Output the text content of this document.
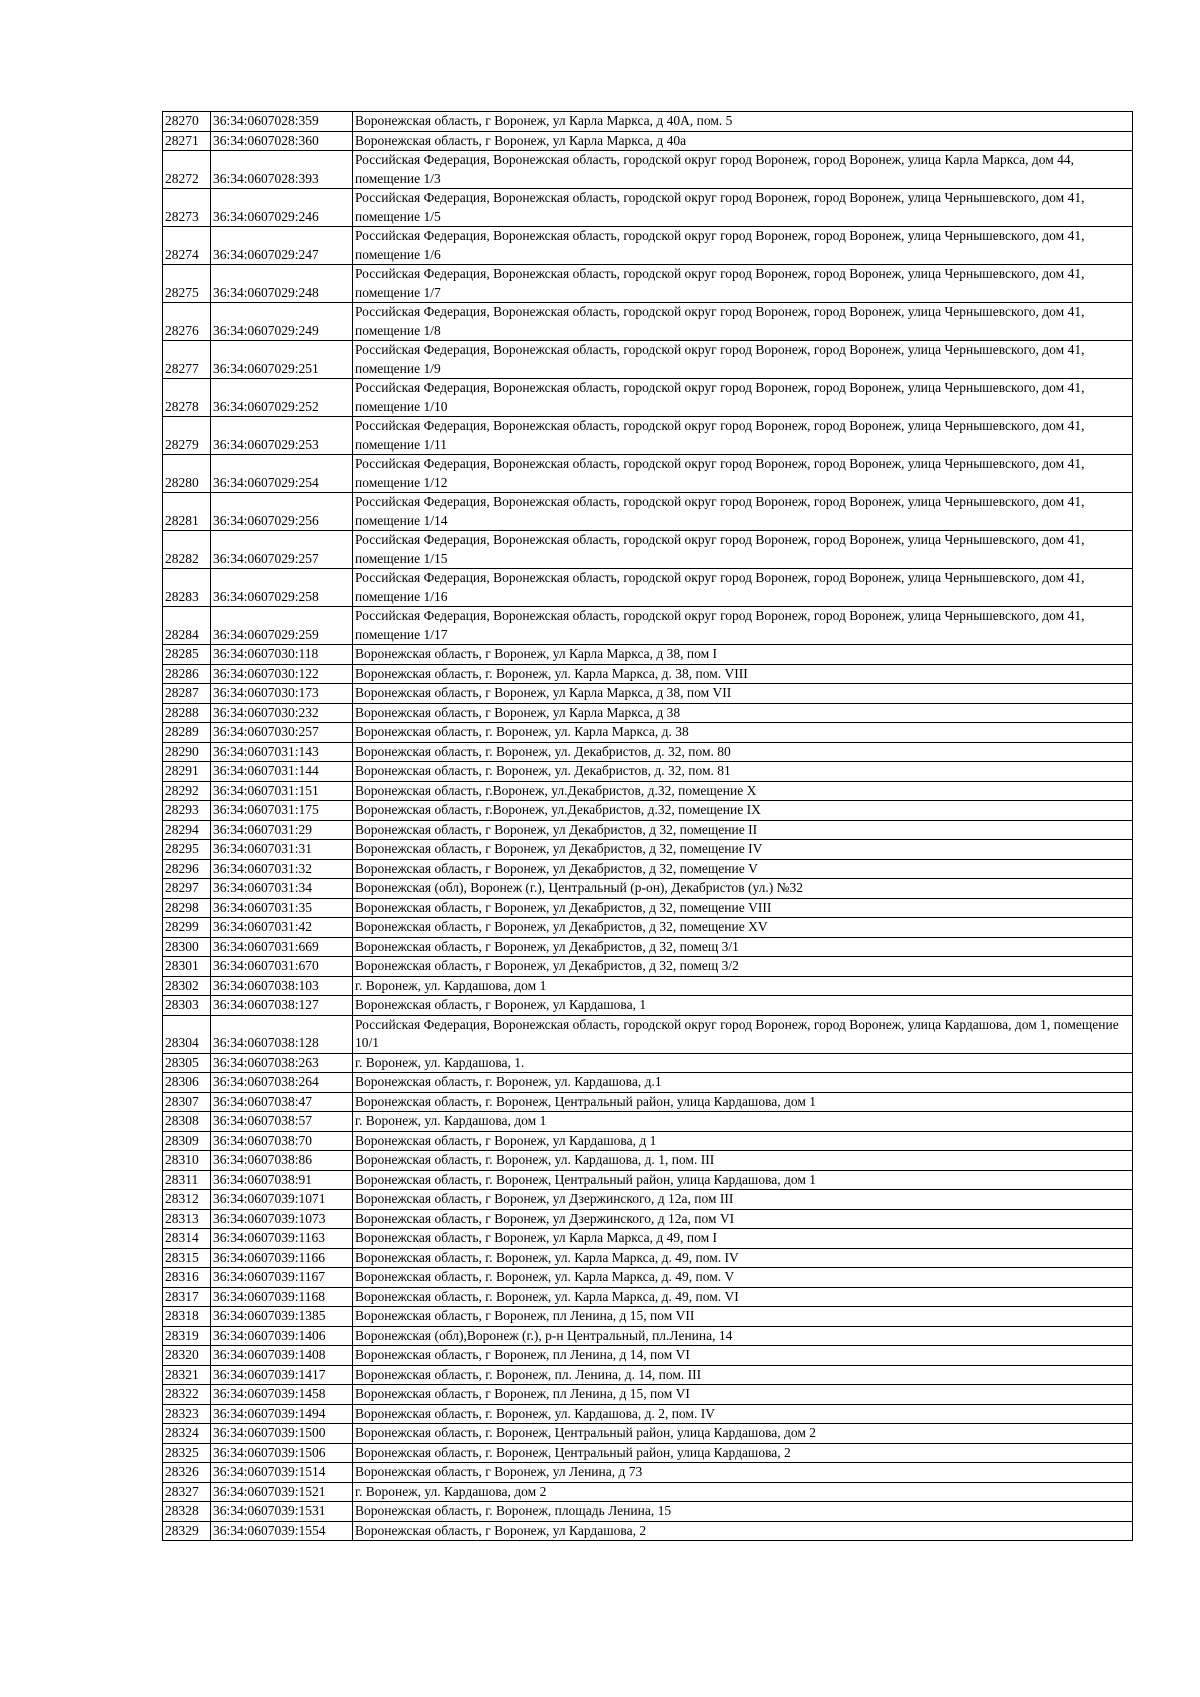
28270	36:34:0607028:359	Воронежская область, г Воронеж, ул Карла Маркса, д 40А, пом. 5
28271	36:34:0607028:360	Воронежская область, г Воронеж, ул Карла Маркса, д 40а
28272	36:34:0607028:393	Российская Федерация, Воронежская область, городской округ город Воронеж, город Воронеж, улица Карла Маркса, дом 44, помещение 1/3
28273	36:34:0607029:246	Российская Федерация, Воронежская область, городской округ город Воронеж, город Воронеж, улица Чернышевского, дом 41, помещение 1/5
28274	36:34:0607029:247	Российская Федерация, Воронежская область, городской округ город Воронеж, город Воронеж, улица Чернышевского, дом 41, помещение 1/6
28275	36:34:0607029:248	Российская Федерация, Воронежская область, городской округ город Воронеж, город Воронеж, улица Чернышевского, дом 41, помещение 1/7
28276	36:34:0607029:249	Российская Федерация, Воронежская область, городской округ город Воронеж, город Воронеж, улица Чернышевского, дом 41, помещение 1/8
28277	36:34:0607029:251	Российская Федерация, Воронежская область, городской округ город Воронеж, город Воронеж, улица Чернышевского, дом 41, помещение 1/9
28278	36:34:0607029:252	Российская Федерация, Воронежская область, городской округ город Воронеж, город Воронеж, улица Чернышевского, дом 41, помещение 1/10
28279	36:34:0607029:253	Российская Федерация, Воронежская область, городской округ город Воронеж, город Воронеж, улица Чернышевского, дом 41, помещение 1/11
28280	36:34:0607029:254	Российская Федерация, Воронежская область, городской округ город Воронеж, город Воронеж, улица Чернышевского, дом 41, помещение 1/12
28281	36:34:0607029:256	Российская Федерация, Воронежская область, городской округ город Воронеж, город Воронеж, улица Чернышевского, дом 41, помещение 1/14
28282	36:34:0607029:257	Российская Федерация, Воронежская область, городской округ город Воронеж, город Воронеж, улица Чернышевского, дом 41, помещение 1/15
28283	36:34:0607029:258	Российская Федерация, Воронежская область, городской округ город Воронеж, город Воронеж, улица Чернышевского, дом 41, помещение 1/16
28284	36:34:0607029:259	Российская Федерация, Воронежская область, городской округ город Воронеж, город Воронеж, улица Чернышевского, дом 41, помещение 1/17
28285	36:34:0607030:118	Воронежская область, г Воронеж, ул Карла Маркса, д 38, пом I
28286	36:34:0607030:122	Воронежская область, г. Воронеж, ул. Карла Маркса, д. 38, пом. VIII
28287	36:34:0607030:173	Воронежская область, г Воронеж, ул Карла Маркса, д 38, пом VII
28288	36:34:0607030:232	Воронежская область, г Воронеж, ул Карла Маркса, д 38
28289	36:34:0607030:257	Воронежская область, г. Воронеж, ул. Карла Маркса, д. 38
28290	36:34:0607031:143	Воронежская область, г. Воронеж, ул. Декабристов, д. 32, пом. 80
28291	36:34:0607031:144	Воронежская область, г. Воронеж, ул. Декабристов, д. 32, пом. 81
28292	36:34:0607031:151	Воронежская область, г.Воронеж, ул.Декабристов, д.32, помещение X
28293	36:34:0607031:175	Воронежская область, г.Воронеж, ул.Декабристов, д.32, помещение IX
28294	36:34:0607031:29	Воронежская область, г Воронеж, ул Декабристов, д 32, помещение II
28295	36:34:0607031:31	Воронежская область, г Воронеж, ул Декабристов, д 32, помещение IV
28296	36:34:0607031:32	Воронежская область, г Воронеж, ул Декабристов, д 32, помещение V
28297	36:34:0607031:34	Воронежская (обл), Воронеж (г.), Центральный (р-он), Декабристов (ул.) №32
28298	36:34:0607031:35	Воронежская область, г Воронеж, ул Декабристов, д 32, помещение VIII
28299	36:34:0607031:42	Воронежская область, г Воронеж, ул Декабристов, д 32, помещение XV
28300	36:34:0607031:669	Воронежская область, г Воронеж, ул Декабристов, д 32, помещ 3/1
28301	36:34:0607031:670	Воронежская область, г Воронеж, ул Декабристов, д 32, помещ 3/2
28302	36:34:0607038:103	г. Воронеж, ул. Кардашова, дом 1
28303	36:34:0607038:127	Воронежская область, г Воронеж, ул Кардашова, 1
28304	36:34:0607038:128	Российская Федерация, Воронежская область, городской округ город Воронеж, город Воронеж, улица Кардашова, дом 1, помещение 10/1
28305	36:34:0607038:263	г. Воронеж, ул. Кардашова, 1.
28306	36:34:0607038:264	Воронежская область, г. Воронеж, ул. Кардашова, д.1
28307	36:34:0607038:47	Воронежская область, г. Воронеж, Центральный район, улица Кардашова, дом 1
28308	36:34:0607038:57	г. Воронеж, ул. Кардашова, дом 1
28309	36:34:0607038:70	Воронежская область, г Воронеж, ул Кардашова, д 1
28310	36:34:0607038:86	Воронежская область, г. Воронеж, ул. Кардашова, д. 1, пом. III
28311	36:34:0607038:91	Воронежская область, г. Воронеж, Центральный район, улица Кардашова, дом 1
28312	36:34:0607039:1071	Воронежская область, г Воронеж, ул Дзержинского, д 12а, пом III
28313	36:34:0607039:1073	Воронежская область, г Воронеж, ул Дзержинского, д 12а, пом VI
28314	36:34:0607039:1163	Воронежская область, г Воронеж, ул Карла Маркса, д 49, пом I
28315	36:34:0607039:1166	Воронежская область, г. Воронеж, ул. Карла Маркса, д. 49, пом. IV
28316	36:34:0607039:1167	Воронежская область, г. Воронеж, ул. Карла Маркса, д. 49, пом. V
28317	36:34:0607039:1168	Воронежская область, г. Воронеж, ул. Карла Маркса, д. 49, пом. VI
28318	36:34:0607039:1385	Воронежская область, г Воронеж, пл Ленина, д 15, пом VII
28319	36:34:0607039:1406	Воронежская (обл),Воронеж (г.), р-н Центральный, пл.Ленина, 14
28320	36:34:0607039:1408	Воронежская область, г Воронеж, пл Ленина, д 14, пом VI
28321	36:34:0607039:1417	Воронежская область, г. Воронеж, пл. Ленина, д. 14, пом. III
28322	36:34:0607039:1458	Воронежская область, г Воронеж, пл Ленина, д 15, пом VI
28323	36:34:0607039:1494	Воронежская область, г. Воронеж, ул. Кардашова, д. 2, пом. IV
28324	36:34:0607039:1500	Воронежская область, г. Воронеж, Центральный район, улица Кардашова, дом 2
28325	36:34:0607039:1506	Воронежская область, г. Воронеж, Центральный район, улица Кардашова, 2
28326	36:34:0607039:1514	Воронежская область, г Воронеж, ул Ленина, д 73
28327	36:34:0607039:1521	г. Воронеж, ул. Кардашова, дом 2
28328	36:34:0607039:1531	Воронежская область, г. Воронеж, площадь Ленина, 15
28329	36:34:0607039:1554	Воронежская область, г Воронеж, ул Кардашова, 2
